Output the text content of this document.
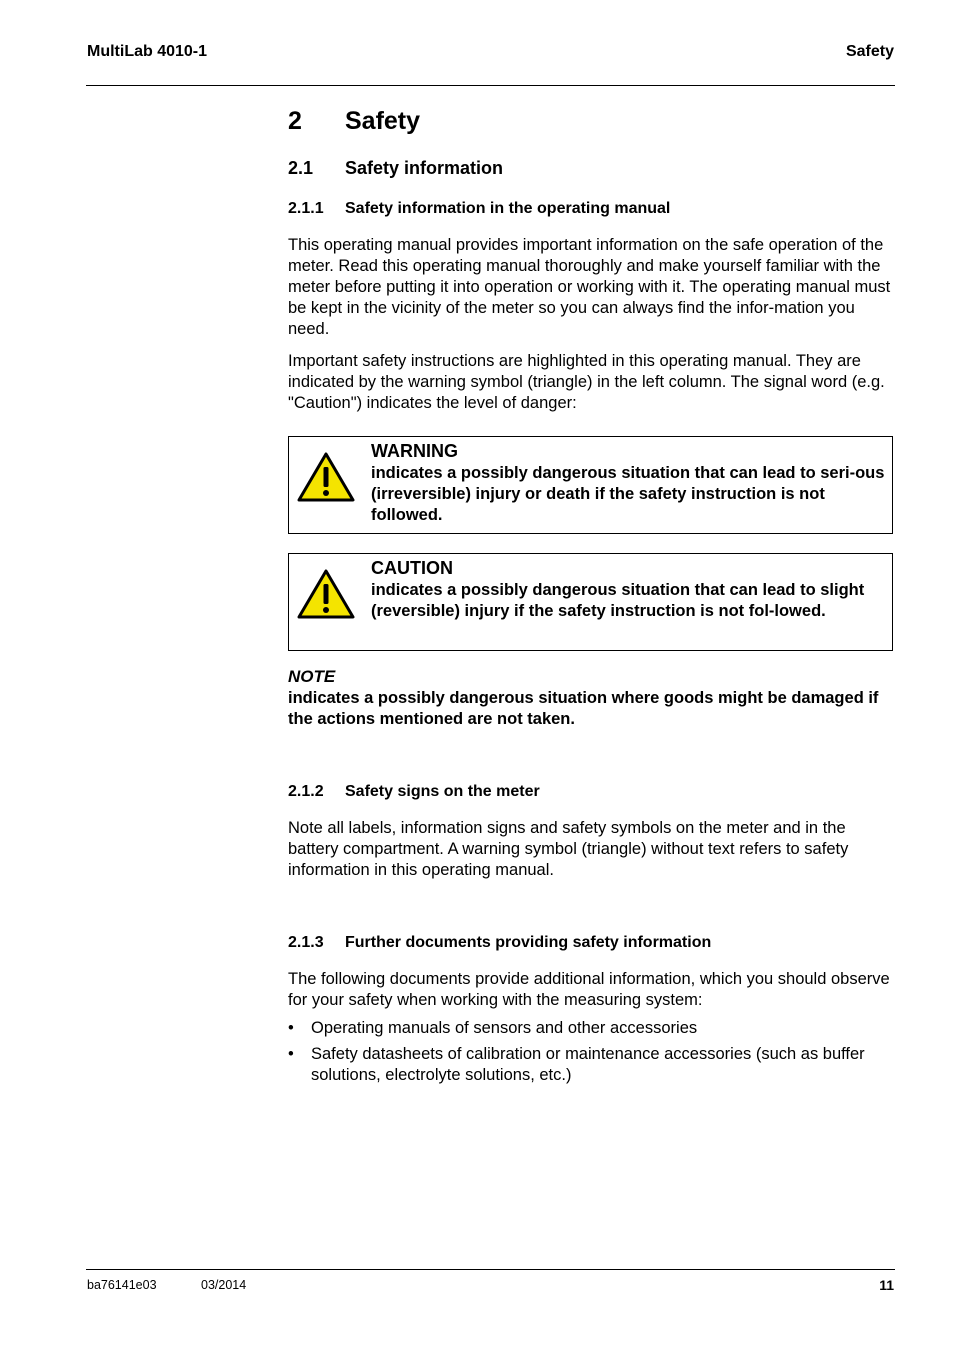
MultiLab 4010-1	Safety
2 Safety
2.1 Safety information
2.1.1 Safety information in the operating manual
This operating manual provides important information on the safe operation of the meter. Read this operating manual thoroughly and make yourself familiar with the meter before putting it into operation or working with it. The operating manual must be kept in the vicinity of the meter so you can always find the infor-mation you need.
Important safety instructions are highlighted in this operating manual. They are indicated by the warning symbol (triangle) in the left column. The signal word (e.g. "Caution") indicates the level of danger:
WARNING
indicates a possibly dangerous situation that can lead to seri-ous (irreversible) injury or death if the safety instruction is not followed.
CAUTION
indicates a possibly dangerous situation that can lead to slight (reversible) injury if the safety instruction is not fol-lowed.
NOTE
indicates a possibly dangerous situation where goods might be damaged if the actions mentioned are not taken.
2.1.2 Safety signs on the meter
Note all labels, information signs and safety symbols on the meter and in the battery compartment. A warning symbol (triangle) without text refers to safety information in this operating manual.
2.1.3 Further documents providing safety information
The following documents provide additional information, which you should observe for your safety when working with the measuring system:
• Operating manuals of sensors and other accessories
• Safety datasheets of calibration or maintenance accessories (such as buffer solutions, electrolyte solutions, etc.)
ba76141e03	03/2014	11
